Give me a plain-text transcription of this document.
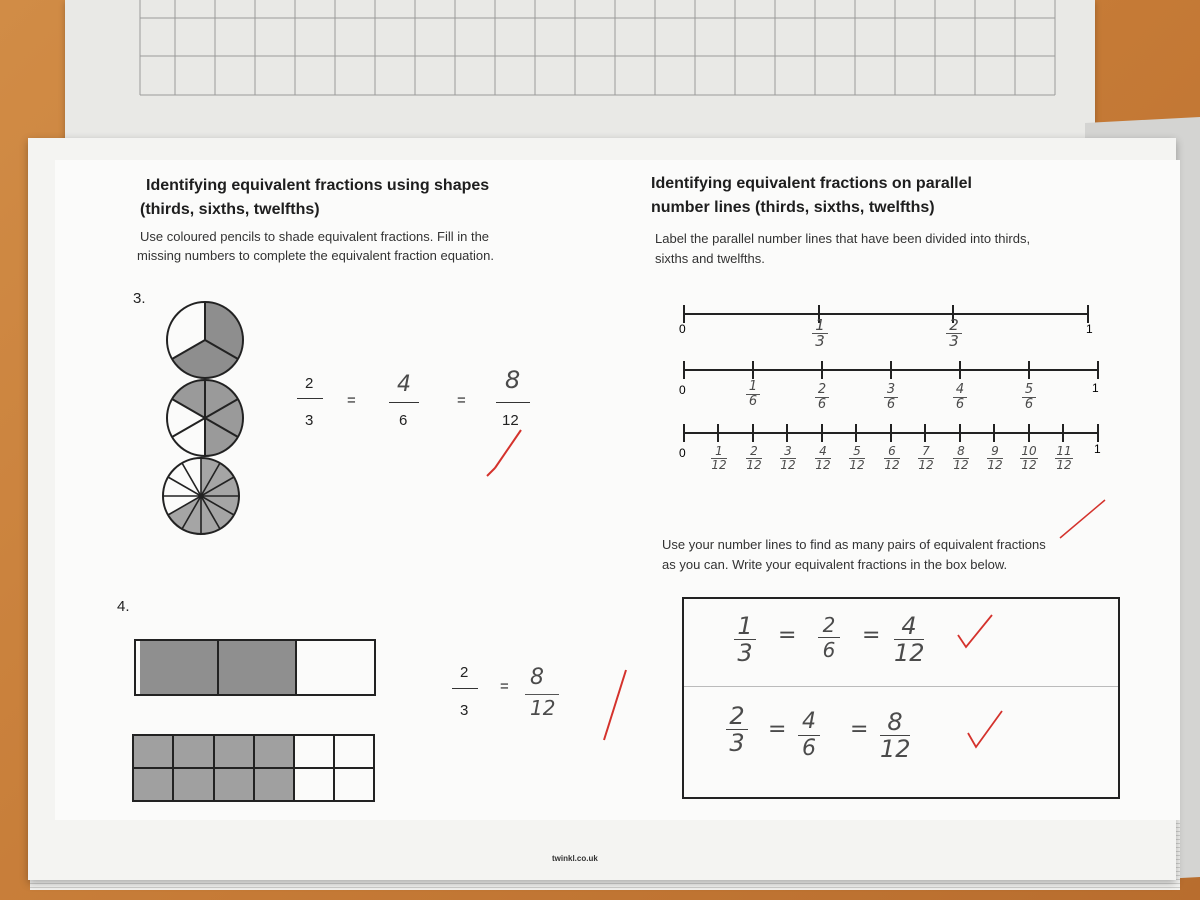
Identifying equivalent fractions using shapes
(thirds, sixths, twelfths)
Use coloured pencils to shade equivalent fractions. Fill in the
missing numbers to complete the equivalent fraction equation.
3.
2
3
=
4
6
=
8
12
4.
2
3
= 8
12
twinkl.co.uk
Identifying equivalent fractions on parallel
number lines (thirds, sixths, twelfths)
Label the parallel number lines that have been divided into thirds,
sixths and twelfths.
0	1
0	1
0	1
1
3
2
3
1
6
2
6
3
6
4
6
5
6
1
12
2
12
3
12
4
12
5
12
6
12
7
12
8
12
9
12
10
12
11
12
Use your number lines to find as many pairs of equivalent fractions
as you can. Write your equivalent fractions in the box below.
1
3
= 2
6
= 4
12
2
3 = 4
6
= 8
12
